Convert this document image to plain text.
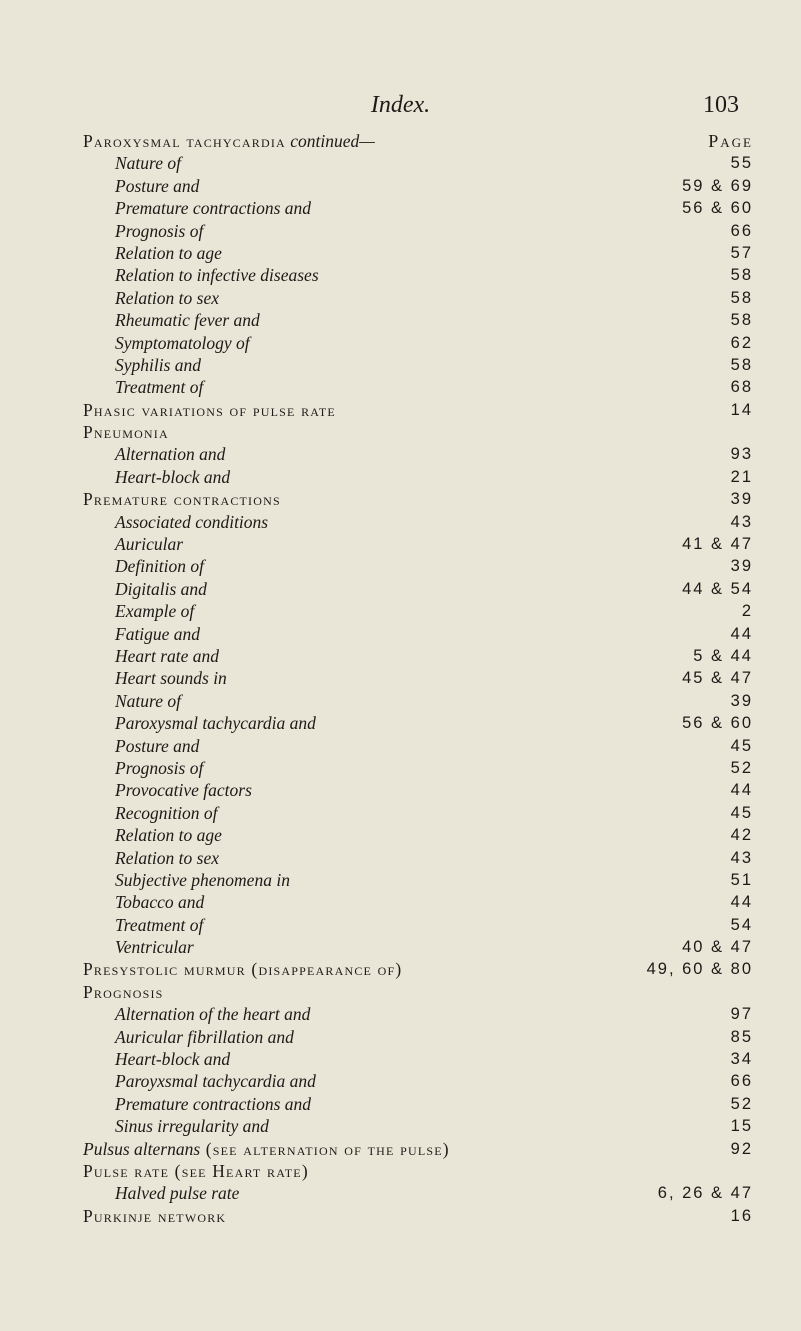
Index.	103
Paroxysmal tachycardia continued—	Page
Nature of	55
Posture and	59 & 69
Premature contractions and	56 & 60
Prognosis of	66
Relation to age	57
Relation to infective diseases	58
Relation to sex	58
Rheumatic fever and	58
Symptomatology of	62
Syphilis and	58
Treatment of	68
Phasic variations of pulse rate	14
Pneumonia
Alternation and	93
Heart-block and	21
Premature contractions	39
Associated conditions	43
Auricular	41 & 47
Definition of	39
Digitalis and	44 & 54
Example of	2
Fatigue and	44
Heart rate and	5 & 44
Heart sounds in	45 & 47
Nature of	39
Paroxysmal tachycardia and	56 & 60
Posture and	45
Prognosis of	52
Provocative factors	44
Recognition of	45
Relation to age	42
Relation to sex	43
Subjective phenomena in	51
Tobacco and	44
Treatment of	54
Ventricular	40 & 47
Presystolic murmur (disappearance of)	49, 60 & 80
Prognosis
Alternation of the heart and	97
Auricular fibrillation and	85
Heart-block and	34
Paroyxsmal tachycardia and	66
Premature contractions and	52
Sinus irregularity and	15
Pulsus alternans (see alternation of the pulse)	92
Pulse rate (see Heart rate)
Halved pulse rate	6, 26 & 47
Purkinje network	16
